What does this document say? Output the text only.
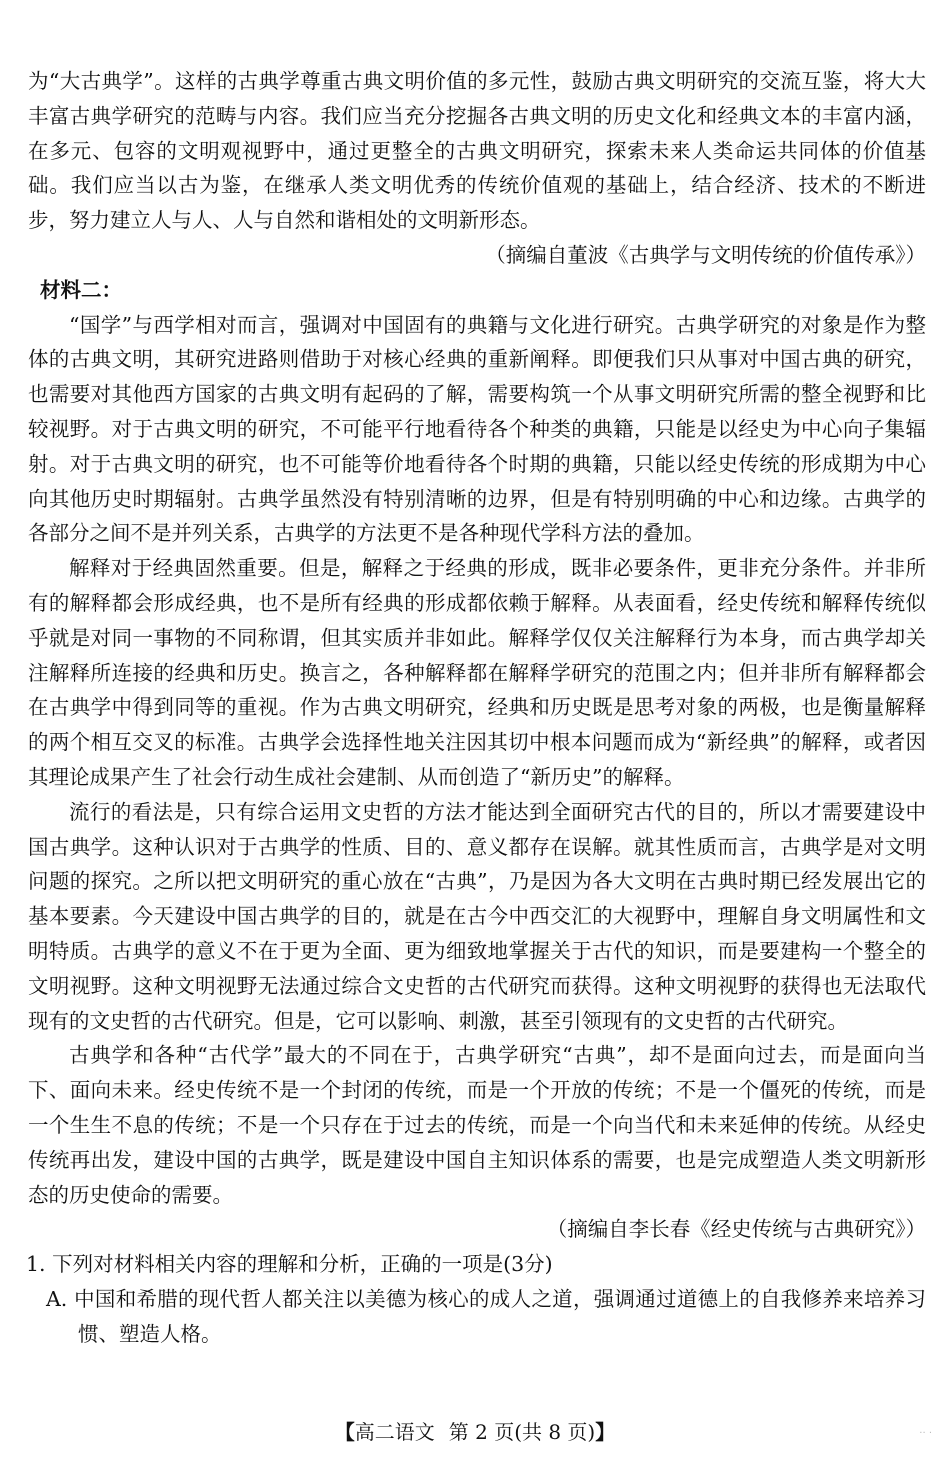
为“大古典学”。这样的古典学尊重古典文明价值的多元性，鼓励古典文明研究的交流互鉴，将大大丰富古典学研究的范畴与内容。我们应当充分挖掘各古典文明的历史文化和经典文本的丰富内涵，在多元、包容的文明观视野中，通过更整全的古典文明研究，探索未来人类命运共同体的价值基础。我们应当以古为鉴，在继承人类文明优秀的传统价值观的基础上，结合经济、技术的不断进步，努力建立人与人、人与自然和谐相处的文明新形态。

（摘编自董波《古典学与文明传统的价值传承》）

材料二：

“国学”与西学相对而言，强调对中国固有的典籍与文化进行研究。古典学研究的对象是作为整体的古典文明，其研究进路则借助于对核心经典的重新阐释。即便我们只从事对中国古典的研究，也需要对其他西方国家的古典文明有起码的了解，需要构筑一个从事文明研究所需的整全视野和比较视野。对于古典文明的研究，不可能平行地看待各个种类的典籍，只能是以经史为中心向子集辐射。对于古典文明的研究，也不可能等价地看待各个时期的典籍，只能以经史传统的形成期为中心向其他历史时期辐射。古典学虽然没有特别清晰的边界，但是有特别明确的中心和边缘。古典学的各部分之间不是并列关系，古典学的方法更不是各种现代学科方法的叠加。

解释对于经典固然重要。但是，解释之于经典的形成，既非必要条件，更非充分条件。并非所有的解释都会形成经典，也不是所有经典的形成都依赖于解释。从表面看，经史传统和解释传统似乎就是对同一事物的不同称谓，但其实质并非如此。解释学仅仅关注解释行为本身，而古典学却关注解释所连接的经典和历史。换言之，各种解释都在解释学研究的范围之内；但并非所有解释都会在古典学中得到同等的重视。作为古典文明研究，经典和历史既是思考对象的两极，也是衡量解释的两个相互交叉的标准。古典学会选择性地关注因其切中根本问题而成为“新经典”的解释，或者因其理论成果产生了社会行动生成社会建制、从而创造了“新历史”的解释。

流行的看法是，只有综合运用文史哲的方法才能达到全面研究古代的目的，所以才需要建设中国古典学。这种认识对于古典学的性质、目的、意义都存在误解。就其性质而言，古典学是对文明问题的探究。之所以把文明研究的重心放在“古典”，乃是因为各大文明在古典时期已经发展出它的基本要素。今天建设中国古典学的目的，就是在古今中西交汇的大视野中，理解自身文明属性和文明特质。古典学的意义不在于更为全面、更为细致地掌握关于古代的知识，而是要建构一个整全的文明视野。这种文明视野无法通过综合文史哲的古代研究而获得。这种文明视野的获得也无法取代现有的文史哲的古代研究。但是，它可以影响、刺激，甚至引领现有的文史哲的古代研究。

古典学和各种“古代学”最大的不同在于，古典学研究“古典”，却不是面向过去，而是面向当下、面向未来。经史传统不是一个封闭的传统，而是一个开放的传统；不是一个僵死的传统，而是一个生生不息的传统；不是一个只存在于过去的传统，而是一个向当代和未来延伸的传统。从经史传统再出发，建设中国的古典学，既是建设中国自主知识体系的需要，也是完成塑造人类文明新形态的历史使命的需要。

（摘编自李长春《经史传统与古典研究》）

1. 下列对材料相关内容的理解和分析，正确的一项是(3分)

A. 中国和希腊的现代哲人都关注以美德为核心的成人之道，强调通过道德上的自我修养来培养习惯、塑造人格。

【高二语文 第 2 页(共 8 页)】	·· ·
